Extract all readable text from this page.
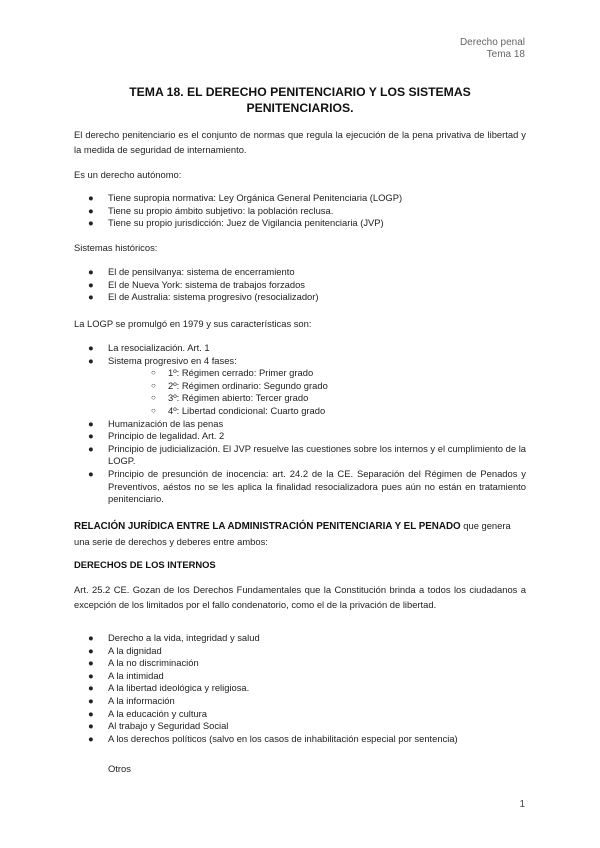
Derecho penal
Tema 18
TEMA 18. EL DERECHO PENITENCIARIO Y LOS SISTEMAS PENITENCIARIOS.
El derecho penitenciario es el conjunto de normas que regula la ejecución de la pena privativa de libertad y la medida de seguridad de internamiento.
Es un derecho autónomo:
● Tiene supropia normativa: Ley Orgánica General Penitenciaria (LOGP)
● Tiene su propio ámbito subjetivo: la población reclusa.
● Tiene su propio jurisdicción: Juez de Vigilancia penitenciaria (JVP)
Sistemas históricos:
● El de pensilvanya: sistema de encerramiento
● El de Nueva York: sistema de trabajos forzados
● El de Australia: sistema progresivo (resocializador)
La LOGP se promulgó en 1979 y sus características son:
● La resocialización. Art. 1
● Sistema progresivo en 4 fases:
○ 1º: Régimen cerrado: Primer grado
○ 2º: Régimen ordinario: Segundo grado
○ 3º: Régimen abierto: Tercer grado
○ 4º: Libertad condicional: Cuarto grado
● Humanización de las penas
● Principio de legalidad. Art. 2
● Principio de judicialización. El JVP resuelve las cuestiones sobre los internos y el cumplimiento de la LOGP.
● Principio de presunción de inocencia: art. 24.2 de la CE. Separación del Régimen de Penados y Preventivos, aéstos no se les aplica la finalidad resocializadora pues aún no están en tratamiento penitenciario.
RELACIÓN JURÍDICA ENTRE LA ADMINISTRACIÓN PENITENCIARIA Y EL PENADO que genera una serie de derechos y deberes entre ambos:
DERECHOS DE LOS INTERNOS
Art. 25.2 CE. Gozan de los Derechos Fundamentales que la Constitución brinda a todos los ciudadanos a excepción de los limitados por el fallo condenatorio, como el de la privación de libertad.
● Derecho a la vida, integridad y salud
● A la dignidad
● A la no discriminación
● A la intimidad
● A la libertad ideológica y religiosa.
● A la información
● A la educación y cultura
● Al trabajo y Seguridad Social
● A los derechos políticos (salvo en los casos de inhabilitación especial por sentencia)
Otros
1
